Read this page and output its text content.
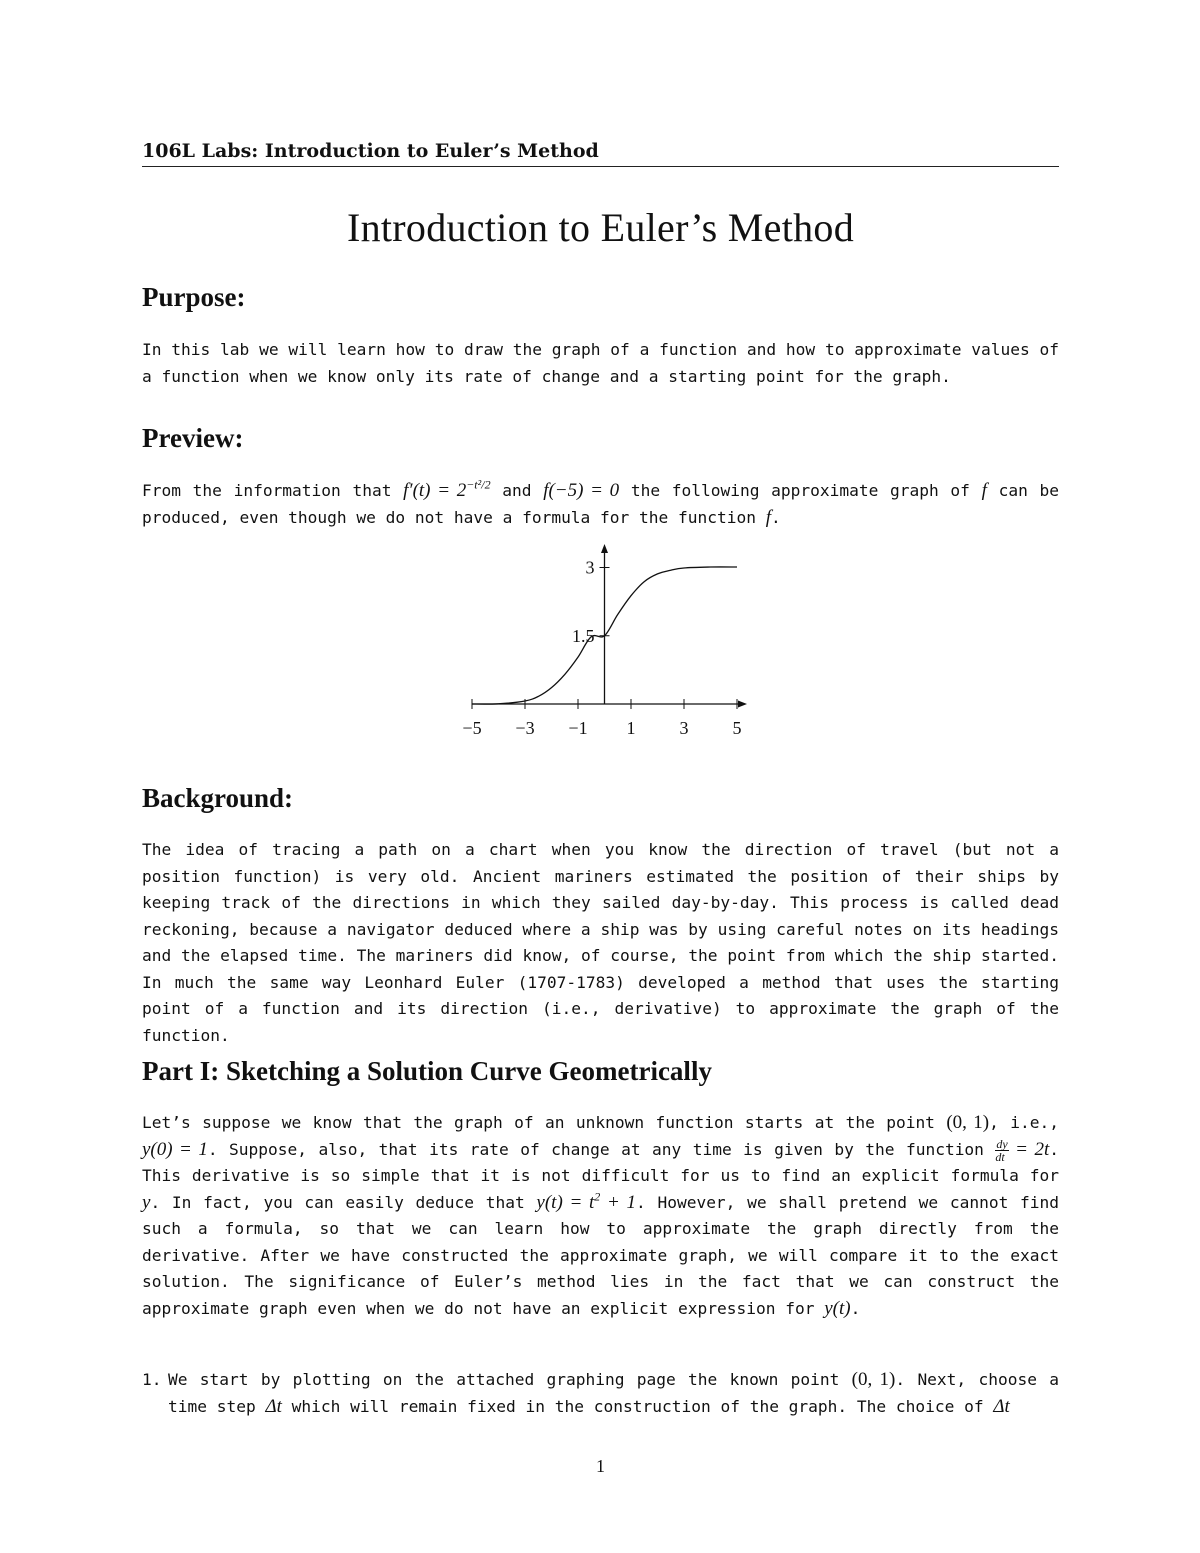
106L Labs: Introduction to Euler’s Method
Introduction to Euler’s Method
Purpose:

In this lab we will learn how to draw the graph of a function and how to approximate values of a function when we know only its rate of change and a starting point for the graph.

Preview:

From the information that $f'(t) = 2^{-t^2/2}$ and f(−5) = 0 the following approximate graph of f can be produced, even though we do not have a formula for the function f.

−5 −3 −1 1 3 5
1.5
3
Background:

The idea of tracing a path on a chart when you know the direction of travel (but not a position function) is very old. Ancient mariners estimated the position of their ships by keeping track of the directions in which they sailed day-by-day. This process is called dead reckoning, because a navigator deduced where a ship was by using careful notes on its headings and the elapsed time. The mariners did know, of course, the point from which the ship started. In much the same way Leonhard Euler (1707-1783) developed a method that uses the starting point of a function and its direction (i.e., derivative) to approximate the graph of the function.

Part I: Sketching a Solution Curve Geometrically

Let’s suppose we know that the graph of an unknown function starts at the point (0, 1), i.e., y(0) = 1. Suppose, also, that its rate of change at any time is given by the function $\frac{dy}{dt} = 2t$. This derivative is so simple that it is not difficult for us to find an explicit formula for y. In fact, you can easily deduce that $y(t) = t^2 + 1$. However, we shall pretend we cannot find such a formula, so that we can learn how to approximate the graph directly from the derivative. After we have constructed the approximate graph, we will compare it to the exact solution. The significance of Euler’s method lies in the fact that we can construct the approximate graph even when we do not have an explicit expression for y(t).

1. We start by plotting on the attached graphing page the known point (0, 1). Next, choose a time step Δt which will remain fixed in the construction of the graph. The choice of Δt

1
